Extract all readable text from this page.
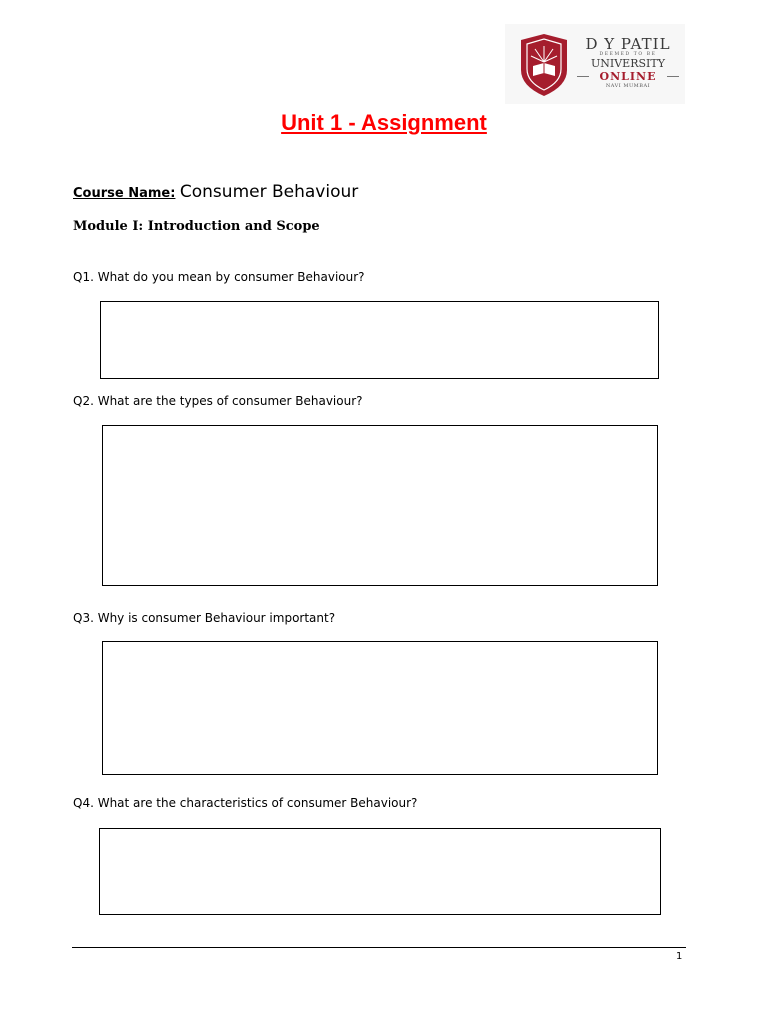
D Y PATIL
DEEMED TO BE
UNIVERSITY
ONLINE
NAVI MUMBAI
Unit 1 - Assignment
Course Name: Consumer Behaviour
Module I: Introduction and Scope
Q1. What do you mean by consumer Behaviour?
Q2. What are the types of consumer Behaviour?
Q3. Why is consumer Behaviour important?
Q4. What are the characteristics of consumer Behaviour?
1
